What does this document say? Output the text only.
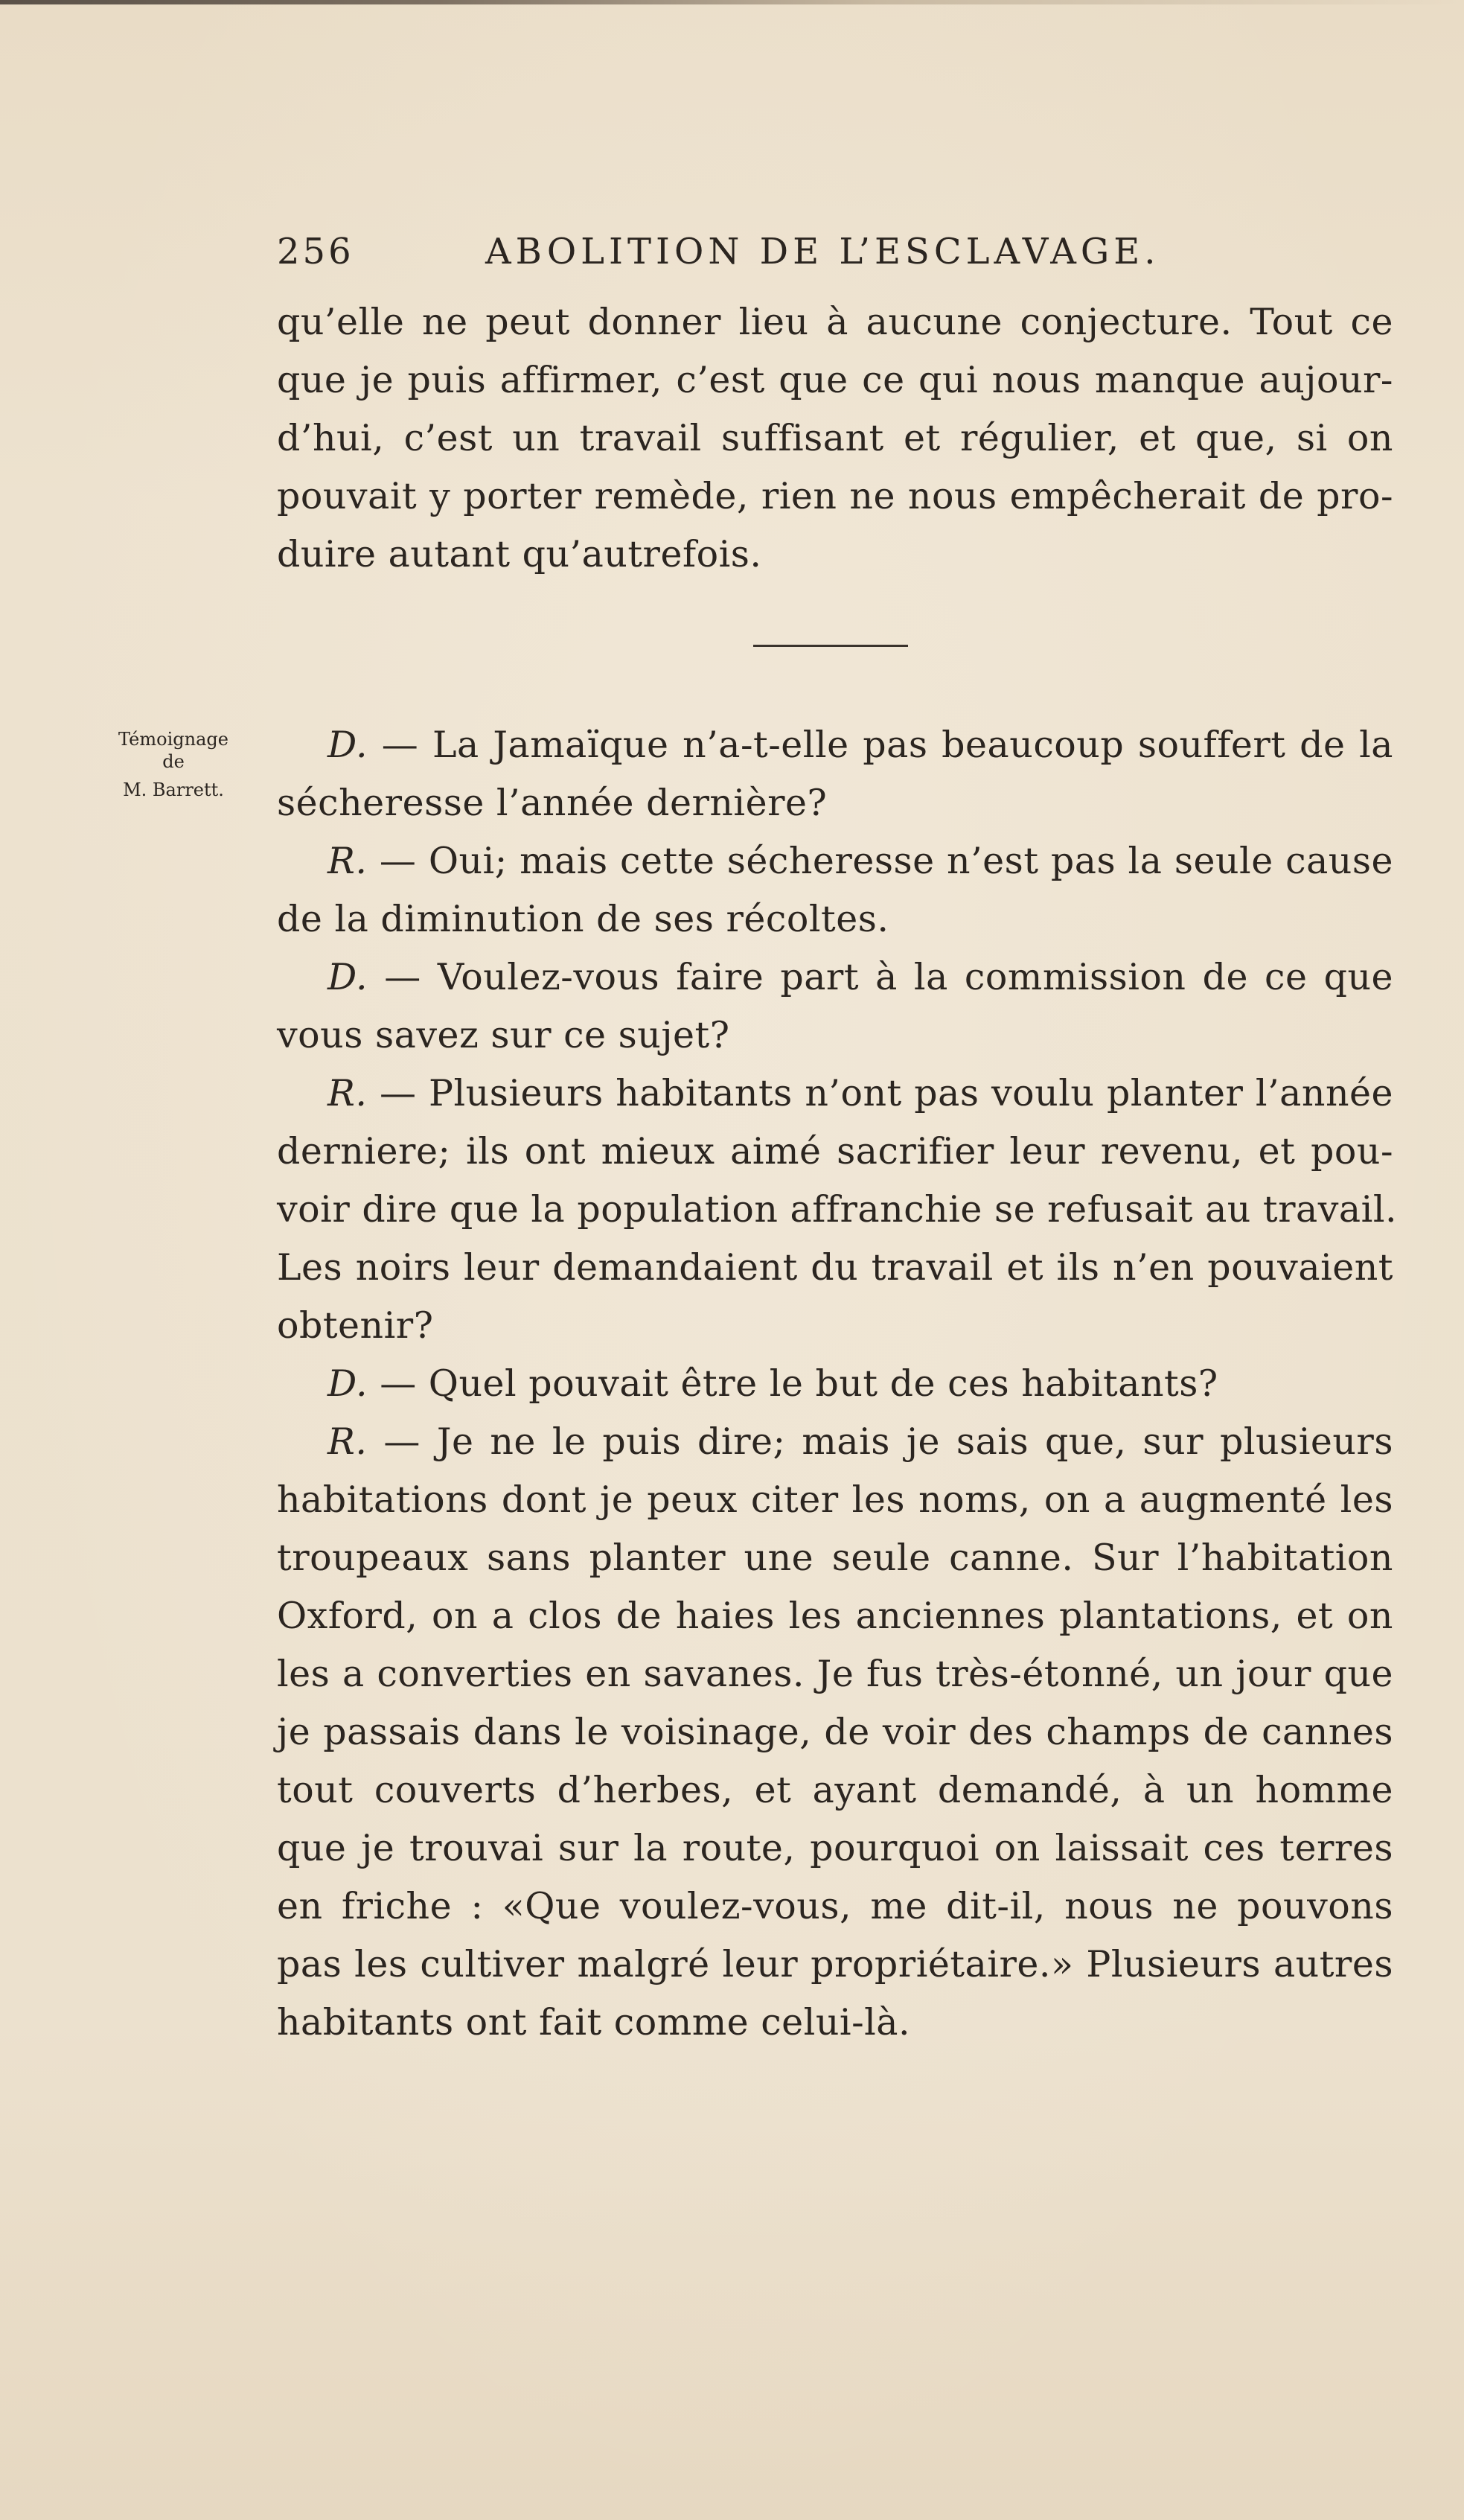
256	ABOLITION DE L’ESCLAVAGE.
qu’elle ne peut donner lieu à aucune conjecture. Tout ce
que je puis affirmer, c’est que ce qui nous manque aujour-
d’hui, c’est un travail suffisant et régulier, et que, si on
pouvait y porter remède, rien ne nous empêcherait de pro-
duire autant qu’autrefois.
Témoignage
de
M. Barrett.
D. — La Jamaïque n’a-t-elle pas beaucoup souffert de la
sécheresse l’année dernière?
R. — Oui; mais cette sécheresse n’est pas la seule cause
de la diminution de ses récoltes.
D. — Voulez-vous faire part à la commission de ce que
vous savez sur ce sujet?
R. — Plusieurs habitants n’ont pas voulu planter l’année
derniere; ils ont mieux aimé sacrifier leur revenu, et pou-
voir dire que la population affranchie se refusait au travail.
Les noirs leur demandaient du travail et ils n’en pouvaient
obtenir?
D. — Quel pouvait être le but de ces habitants?
R. — Je ne le puis dire; mais je sais que, sur plusieurs
habitations dont je peux citer les noms, on a augmenté les
troupeaux sans planter une seule canne. Sur l’habitation
Oxford, on a clos de haies les anciennes plantations, et on
les a converties en savanes. Je fus très-étonné, un jour que
je passais dans le voisinage, de voir des champs de cannes
tout couverts d’herbes, et ayant demandé, à un homme
que je trouvai sur la route, pourquoi on laissait ces terres
en friche : «Que voulez-vous, me dit-il, nous ne pouvons
pas les cultiver malgré leur propriétaire.» Plusieurs autres
habitants ont fait comme celui-là.
